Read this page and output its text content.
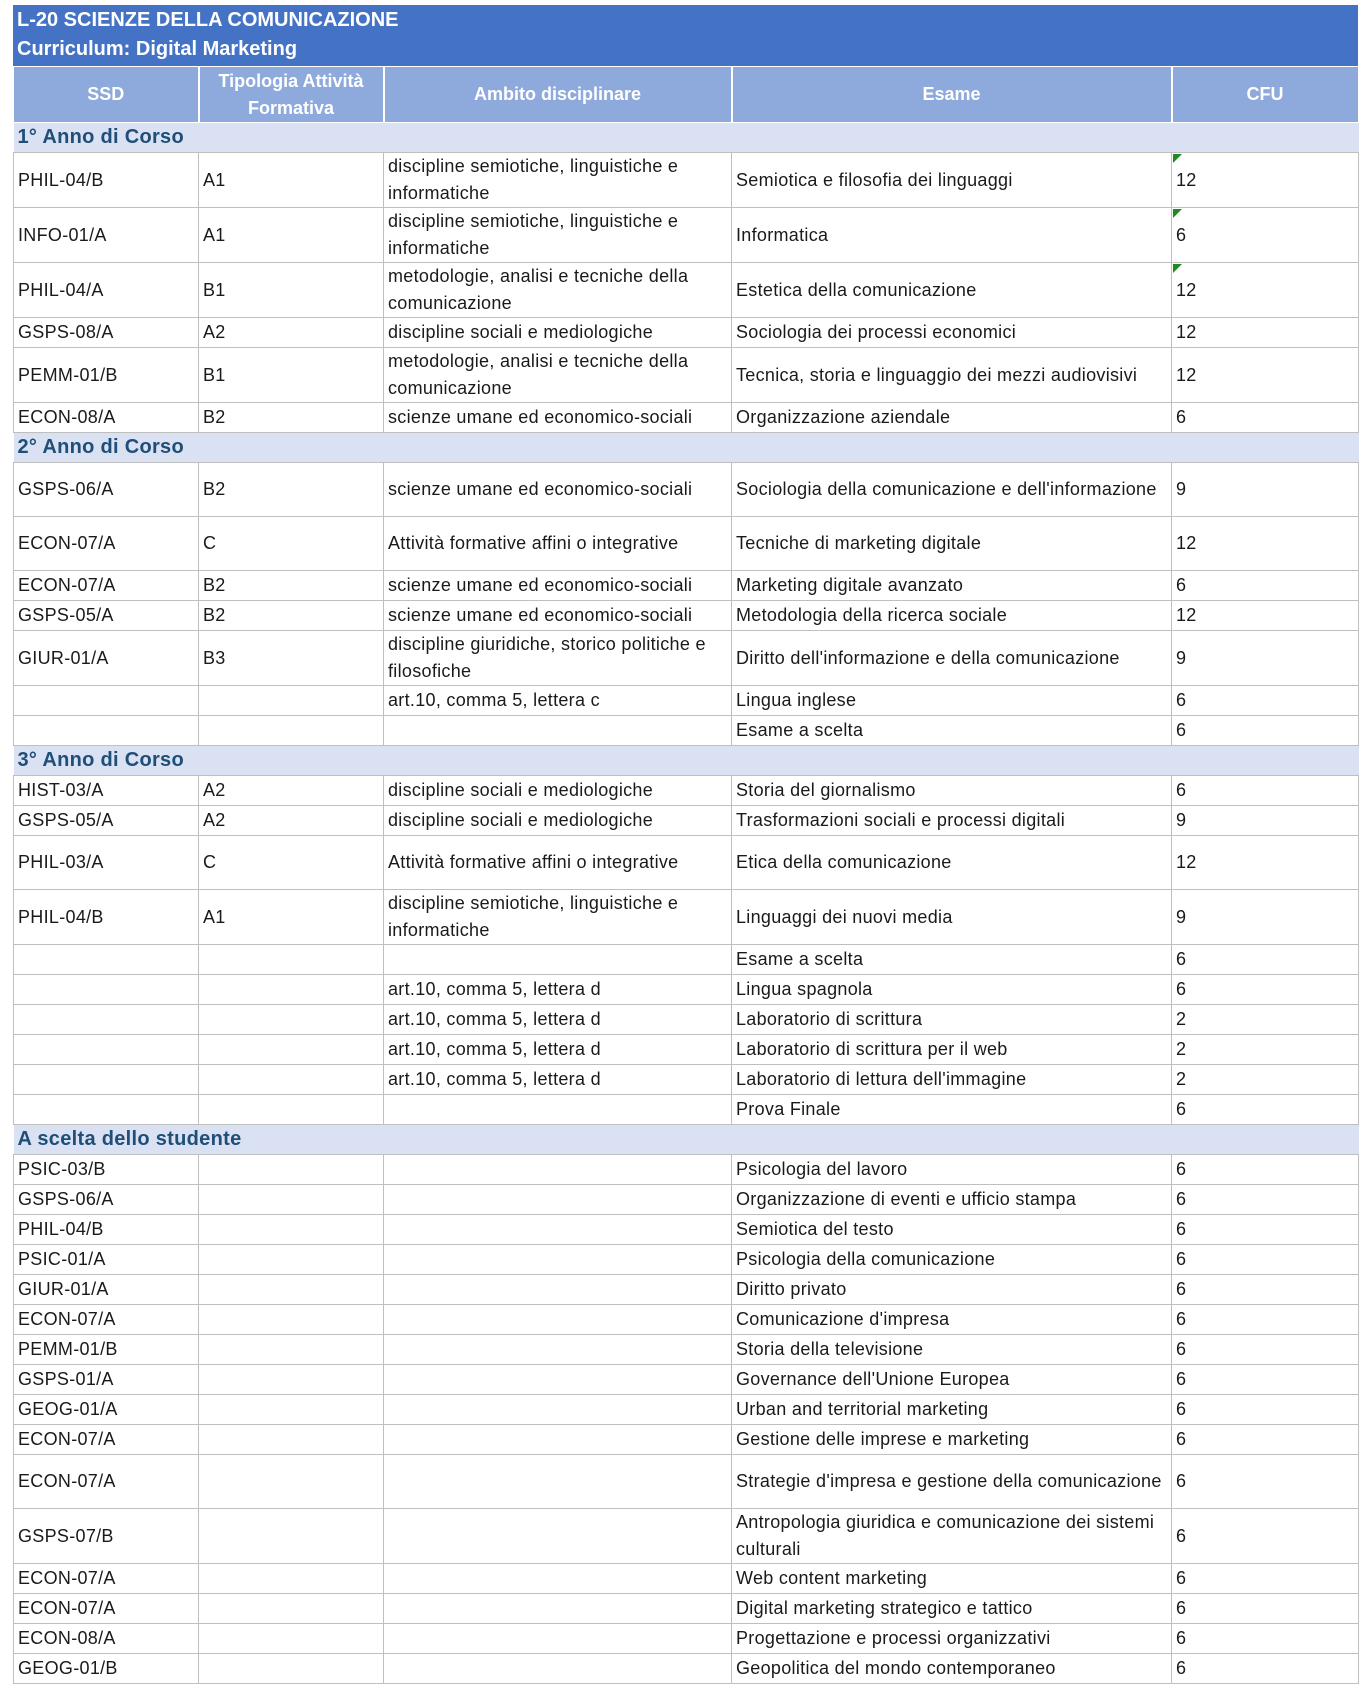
L-20 SCIENZE DELLA COMUNICAZIONE
Curriculum: Digital Marketing
SSD	Tipologia Attività Formativa	Ambito disciplinare	Esame	CFU
1° Anno di Corso				
PHIL-04/B	A1	discipline semiotiche, linguistiche e informatiche	Semiotica e filosofia dei linguaggi	12

INFO-01/A	A1	discipline semiotiche, linguistiche e informatiche	Informatica	6

PHIL-04/A	B1	metodologie, analisi e tecniche della comunicazione	Estetica della comunicazione	12

GSPS-08/A	A2	discipline sociali e mediologiche	Sociologia dei processi economici	12
PEMM-01/B	B1	metodologie, analisi e tecniche della comunicazione	Tecnica, storia e linguaggio dei mezzi audiovisivi	12
ECON-08/A	B2	scienze umane ed economico-sociali	Organizzazione aziendale	6
2° Anno di Corso				
GSPS-06/A	B2	scienze umane ed economico-sociali	Sociologia della comunicazione e dell'informazione	9
ECON-07/A	C	Attività formative affini o integrative	Tecniche di marketing digitale	12
ECON-07/A	B2	scienze umane ed economico-sociali	Marketing digitale avanzato	6
GSPS-05/A	B2	scienze umane ed economico-sociali	Metodologia della ricerca sociale	12
GIUR-01/A	B3	discipline giuridiche, storico politiche e filosofiche	Diritto dell'informazione e della comunicazione	9
		art.10, comma 5, lettera c	Lingua inglese	6
			Esame a scelta	6
3° Anno di Corso				
HIST-03/A	A2	discipline sociali e mediologiche	Storia del giornalismo	6
GSPS-05/A	A2	discipline sociali e mediologiche	Trasformazioni sociali e processi digitali	9
PHIL-03/A	C	Attività formative affini o integrative	Etica della comunicazione	12
PHIL-04/B	A1	discipline semiotiche, linguistiche e informatiche	Linguaggi dei nuovi media	9
			Esame a scelta	6
		art.10, comma 5, lettera d	Lingua spagnola	6
		art.10, comma 5, lettera d	Laboratorio di scrittura	2
		art.10, comma 5, lettera d	Laboratorio di scrittura per il web	2
		art.10, comma 5, lettera d	Laboratorio di lettura dell'immagine	2
			Prova Finale	6
A scelta dello studente				
PSIC-03/B			Psicologia del lavoro	6
GSPS-06/A			Organizzazione di eventi e ufficio stampa	6
PHIL-04/B			Semiotica del testo	6
PSIC-01/A			Psicologia della comunicazione	6
GIUR-01/A			Diritto privato	6
ECON-07/A			Comunicazione d'impresa	6
PEMM-01/B			Storia della televisione	6
GSPS-01/A			Governance dell'Unione Europea	6
GEOG-01/A			Urban and territorial marketing	6
ECON-07/A			Gestione delle imprese e marketing	6
ECON-07/A			Strategie d'impresa e gestione della comunicazione	6
GSPS-07/B			Antropologia giuridica e comunicazione dei sistemi culturali	6
ECON-07/A			Web content marketing	6
ECON-07/A			Digital marketing strategico e tattico	6
ECON-08/A			Progettazione e processi organizzativi	6
GEOG-01/B			Geopolitica del mondo contemporaneo	6
